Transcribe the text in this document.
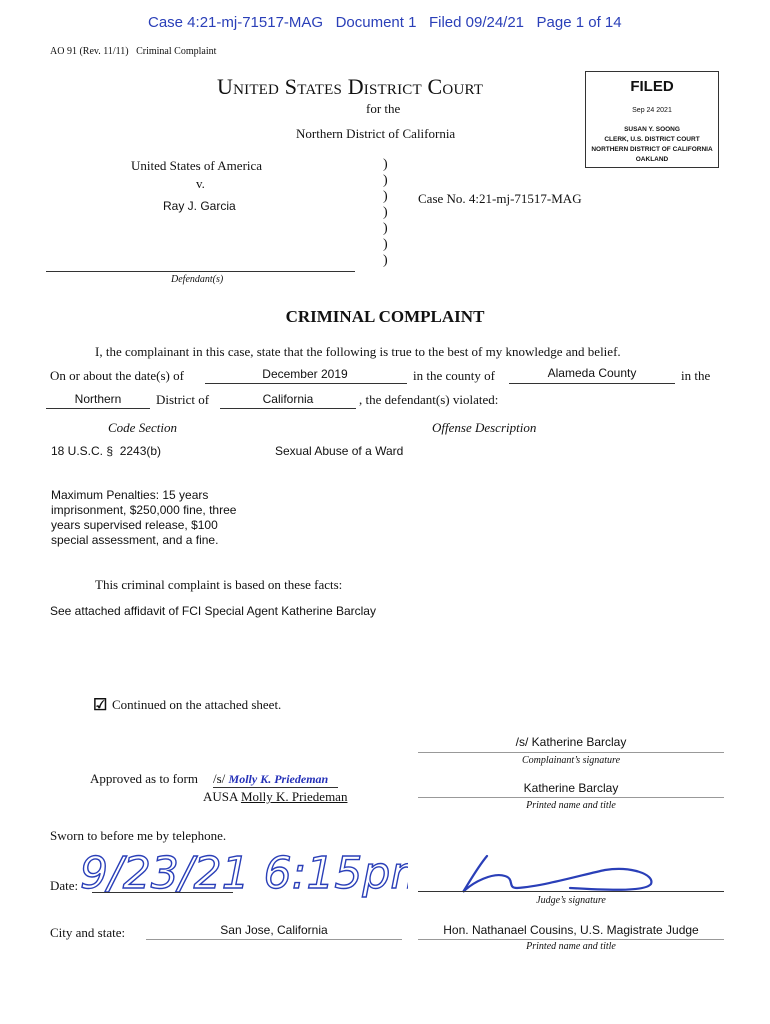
Case 4:21-mj-71517-MAG   Document 1   Filed 09/24/21   Page 1 of 14
AO 91 (Rev. 11/11)   Criminal Complaint
United States District Court
for the
Northern District of California
FILED
Sep 24 2021
SUSAN Y. SOONG
CLERK, U.S. DISTRICT COURT
NORTHERN DISTRICT OF CALIFORNIA
OAKLAND
United States of America
v.
Ray J. Garcia
)
)
)
)
)
)
)
Case No. 4:21-mj-71517-MAG
Defendant(s)
CRIMINAL COMPLAINT
I, the complainant in this case, state that the following is true to the best of my knowledge and belief.
On or about the date(s) of	December 2019	in the county of	Alameda County	in the
Northern	District of	California	, the defendant(s) violated:
Code Section	Offense Description
18 U.S.C. §  2243(b)	Sexual Abuse of a Ward
Maximum Penalties: 15 years
imprisonment, $250,000 fine, three
years supervised release, $100
special assessment, and a fine.
This criminal complaint is based on these facts:
See attached affidavit of FCI Special Agent Katherine Barclay
☑ Continued on the attached sheet.
/s/ Katherine Barclay
Complainant’s signature
Katherine Barclay
Printed name and title
Approved as to form /s/ Molly K. Priedeman
AUSA Molly K. Priedeman
Sworn to before me by telephone.
Date: 9/23/21 6:15pm
Judge’s signature
City and state:	San Jose, California	Hon. Nathanael Cousins, U.S. Magistrate Judge
Printed name and title
